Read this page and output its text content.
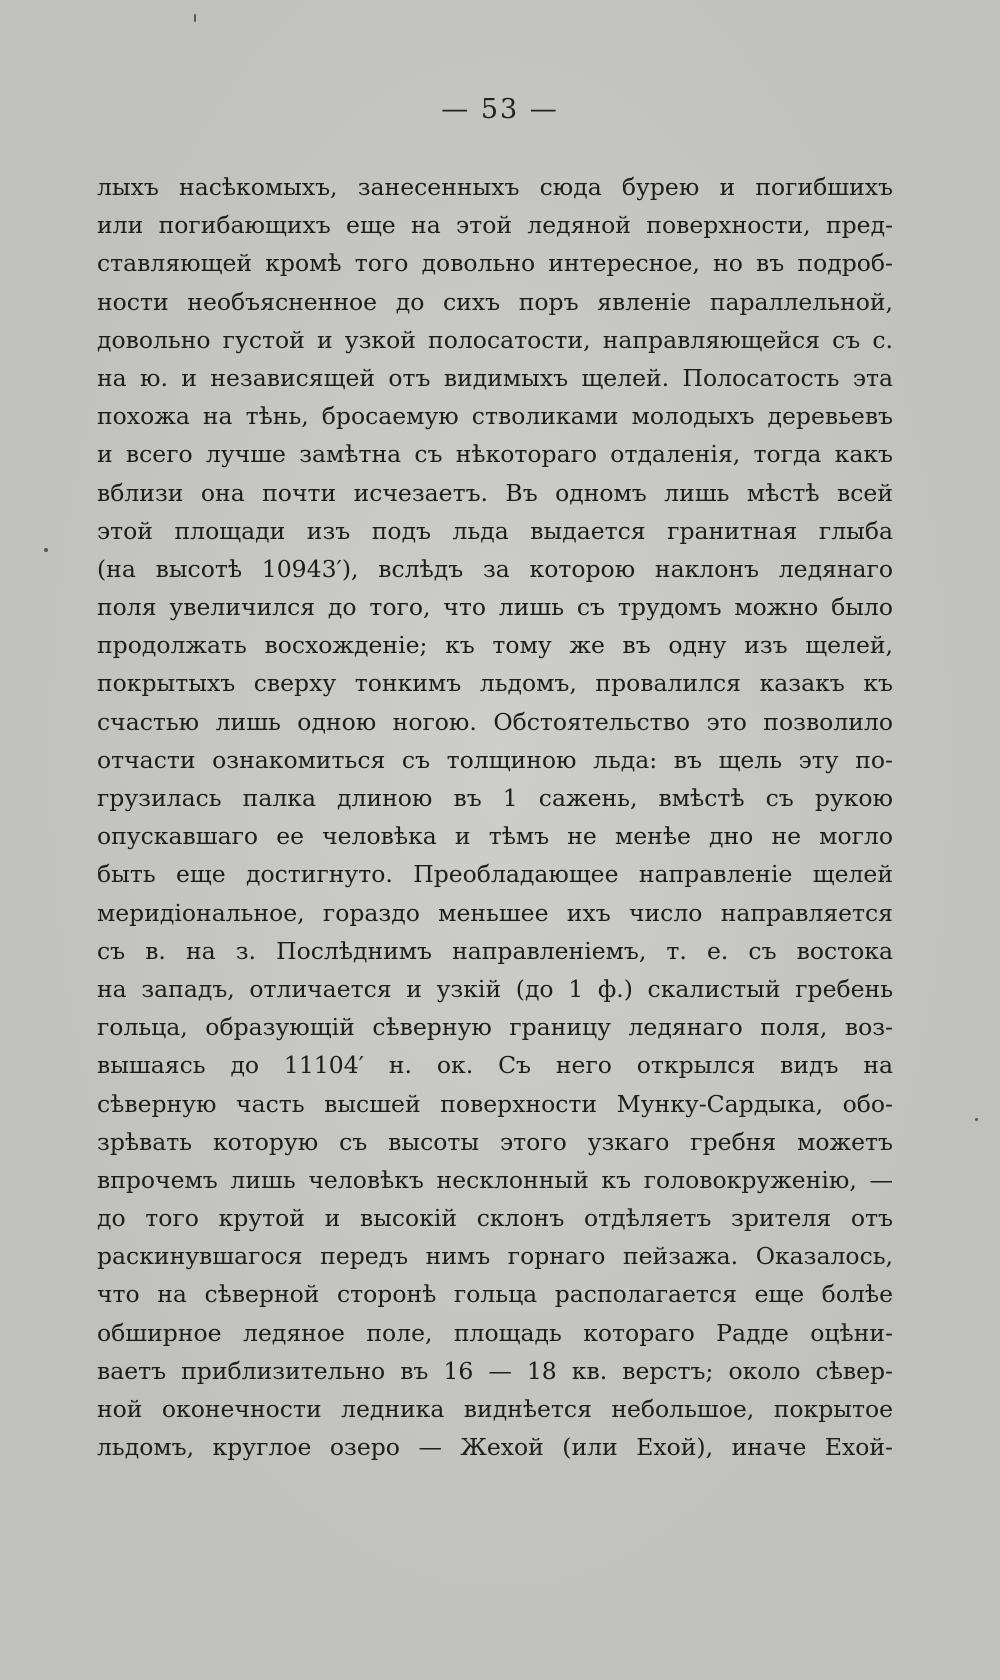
— 53 —
лыхъ насѣкомыхъ, занесенныхъ сюда бурею и погибшихъ
или погибающихъ еще на этой ледяной поверхности, пред-
ставляющей кромѣ того довольно интересное, но въ подроб-
ности необъясненное до сихъ поръ явленіе параллельной,
довольно густой и узкой полосатости, направляющейся съ с.
на ю. и независящей отъ видимыхъ щелей. Полосатость эта
похожа на тѣнь, бросаемую стволиками молодыхъ деревьевъ
и всего лучше замѣтна съ нѣкотораго отдаленія, тогда какъ
вблизи она почти исчезаетъ. Въ одномъ лишь мѣстѣ всей
этой площади изъ подъ льда выдается гранитная глыба
(на высотѣ 10943′), вслѣдъ за которою наклонъ ледянаго
поля увеличился до того, что лишь съ трудомъ можно было
продолжать восхожденіе; къ тому же въ одну изъ щелей,
покрытыхъ сверху тонкимъ льдомъ, провалился казакъ къ
счастью лишь одною ногою. Обстоятельство это позволило
отчасти ознакомиться съ толщиною льда: въ щель эту по-
грузилась палка длиною въ 1 сажень, вмѣстѣ съ рукою
опускавшаго ее человѣка и тѣмъ не менѣе дно не могло
быть еще достигнуто. Преобладающее направленіе щелей
меридіональное, гораздо меньшее ихъ число направляется
съ в. на з. Послѣднимъ направленіемъ, т. е. съ востока
на западъ, отличается и узкій (до 1 ф.) скалистый гребень
гольца, образующій сѣверную границу ледянаго поля, воз-
вышаясь до 11104′ н. ок. Съ него открылся видъ на
сѣверную часть высшей поверхности Мунку-Сардыка, обо-
зрѣвать которую съ высоты этого узкаго гребня можетъ
впрочемъ лишь человѣкъ несклонный къ головокруженію, —
до того крутой и высокій склонъ отдѣляетъ зрителя отъ
раскинувшагося передъ нимъ горнаго пейзажа. Оказалось,
что на сѣверной сторонѣ гольца располагается еще болѣе
обширное ледяное поле, площадь котораго Радде оцѣни-
ваетъ приблизительно въ 16 — 18 кв. верстъ; около сѣвер-
ной оконечности ледника виднѣется небольшое, покрытое
льдомъ, круглое озеро — Жехой (или Ехой), иначе Ехой-
